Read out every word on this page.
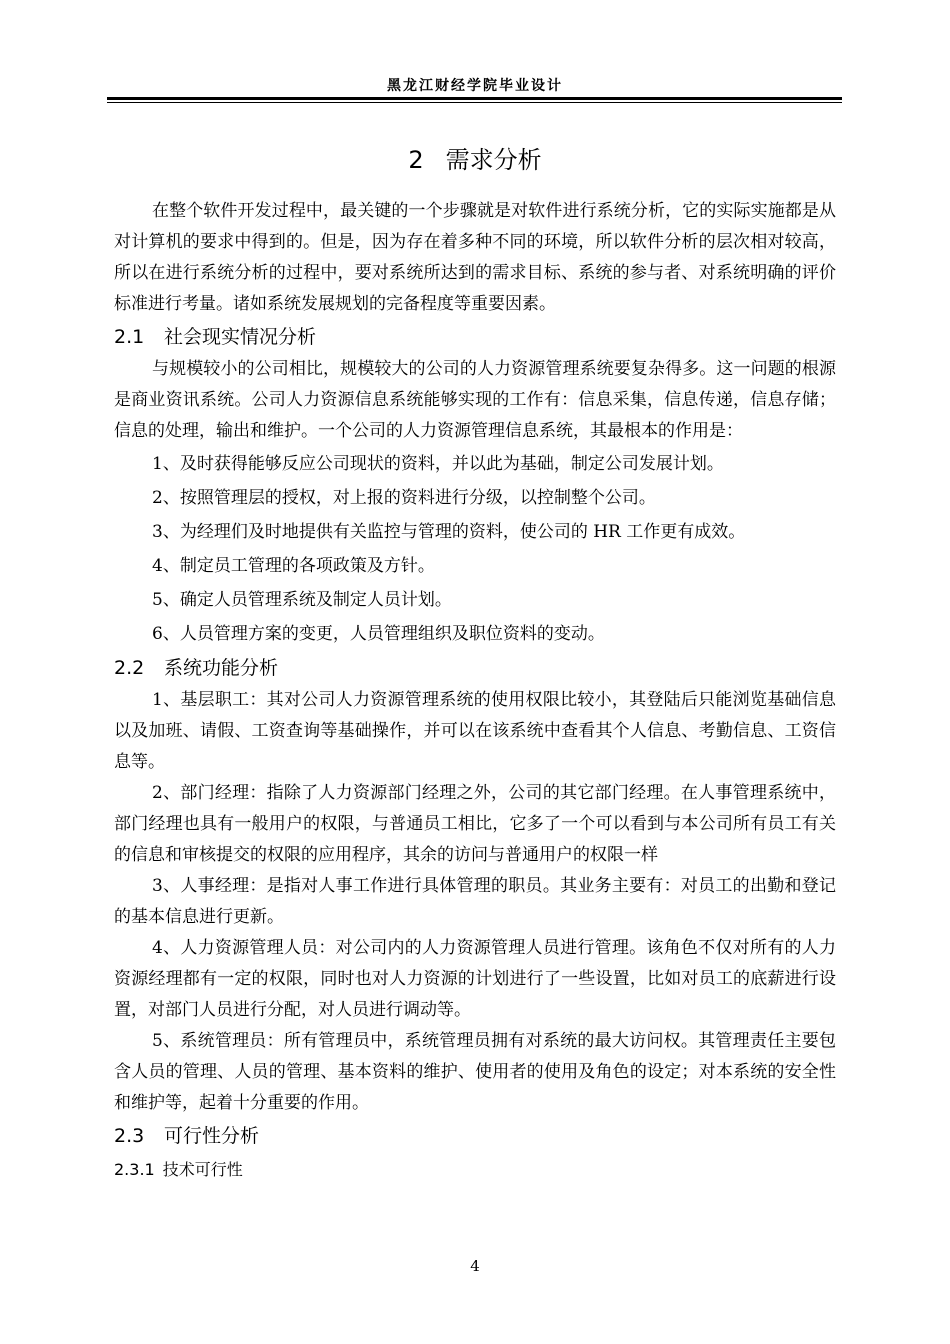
黑龙江财经学院毕业设计
2 需求分析

在整个软件开发过程中，最关键的一个步骤就是对软件进行系统分析，它的实际实施都是从对计算机的要求中得到的。但是，因为存在着多种不同的环境，所以软件分析的层次相对较高，所以在进行系统分析的过程中，要对系统所达到的需求目标、系统的参与者、对系统明确的评价标准进行考量。诸如系统发展规划的完备程度等重要因素。

2.1 社会现实情况分析

与规模较小的公司相比，规模较大的公司的人力资源管理系统要复杂得多。这一问题的根源是商业资讯系统。公司人力资源信息系统能够实现的工作有：信息采集，信息传递，信息存储；信息的处理，输出和维护。一个公司的人力资源管理信息系统，其最根本的作用是：

1、及时获得能够反应公司现状的资料，并以此为基础，制定公司发展计划。

2、按照管理层的授权，对上报的资料进行分级，以控制整个公司。

3、为经理们及时地提供有关监控与管理的资料，使公司的 HR 工作更有成效。

4、制定员工管理的各项政策及方针。

5、确定人员管理系统及制定人员计划。

6、人员管理方案的变更，人员管理组织及职位资料的变动。

2.2 系统功能分析

1、基层职工：其对公司人力资源管理系统的使用权限比较小，其登陆后只能浏览基础信息以及加班、请假、工资查询等基础操作，并可以在该系统中查看其个人信息、考勤信息、工资信息等。

2、部门经理：指除了人力资源部门经理之外，公司的其它部门经理。在人事管理系统中，部门经理也具有一般用户的权限，与普通员工相比，它多了一个可以看到与本公司所有员工有关的信息和审核提交的权限的应用程序，其余的访问与普通用户的权限一样

3、人事经理：是指对人事工作进行具体管理的职员。其业务主要有：对员工的出勤和登记的基本信息进行更新。

4、人力资源管理人员：对公司内的人力资源管理人员进行管理。该角色不仅对所有的人力资源经理都有一定的权限，同时也对人力资源的计划进行了一些设置，比如对员工的底薪进行设置，对部门人员进行分配，对人员进行调动等。

5、系统管理员：所有管理员中，系统管理员拥有对系统的最大访问权。其管理责任主要包含人员的管理、人员的管理、基本资料的维护、使用者的使用及角色的设定；对本系统的安全性和维护等，起着十分重要的作用。

2.3 可行性分析
2.3.1 技术可行性
4
